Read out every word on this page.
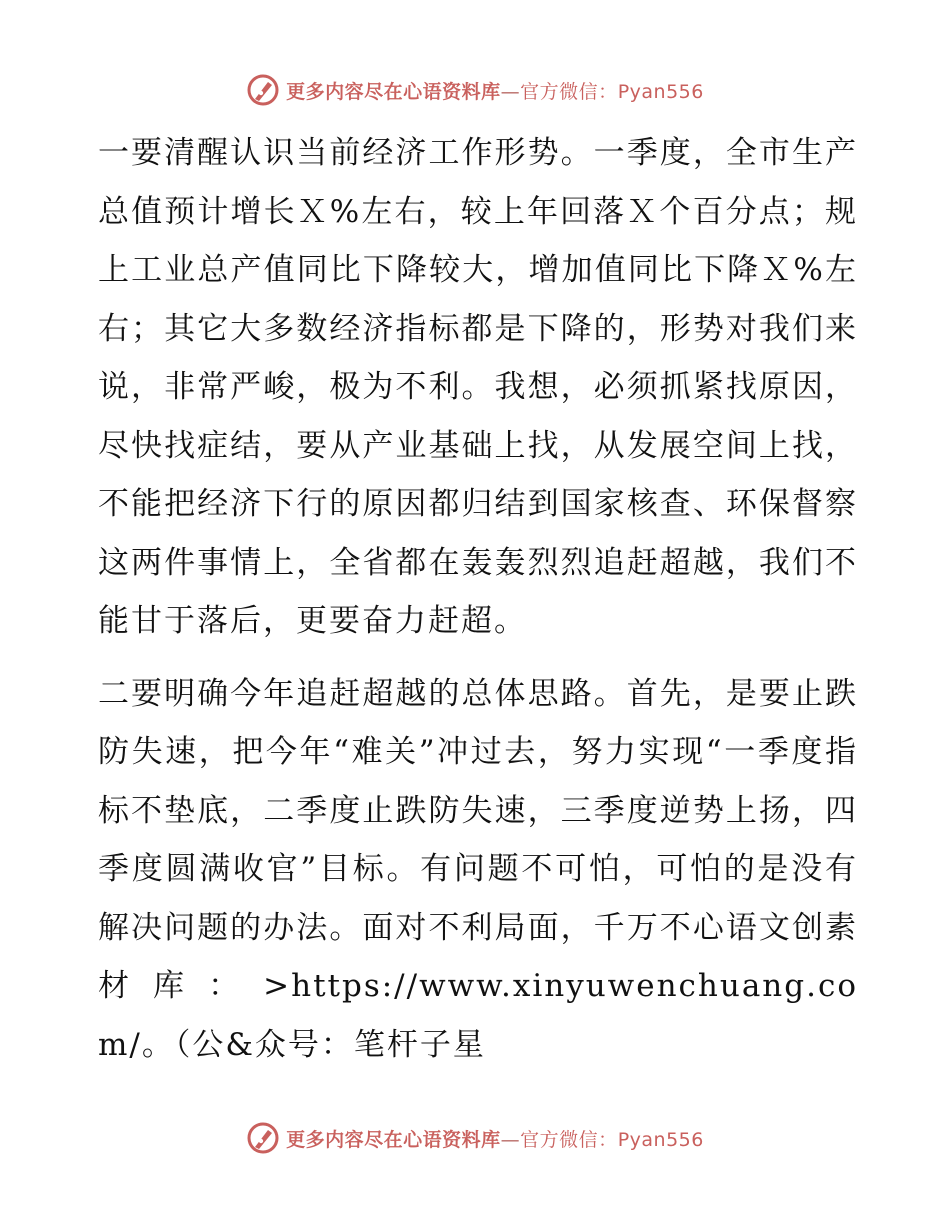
更多内容尽在心语资料库—官方微信：Pyan556

一要清醒认识当前经济工作形势。一季度，全市生产总值预计增长Ｘ%左右，较上年回落Ｘ个百分点；规上工业总产值同比下降较大，增加值同比下降Ｘ%左右；其它大多数经济指标都是下降的，形势对我们来说，非常严峻，极为不利。我想，必须抓紧找原因，尽快找症结，要从产业基础上找，从发展空间上找，不能把经济下行的原因都归结到国家核查、环保督察这两件事情上，全省都在轰轰烈烈追赶超越，我们不能甘于落后，更要奋力赶超。

二要明确今年追赶超越的总体思路。首先，是要止跌防失速，把今年“难关”冲过去，努力实现“一季度指标不垫底，二季度止跌防失速，三季度逆势上扬，四季度圆满收官”目标。有问题不可怕，可怕的是没有解决问题的办法。面对不利局面，千万不心语文创素材库：>https://www.xinyuwenchuang.com/。（公&众号：笔杆子星

更多内容尽在心语资料库—官方微信：Pyan556
